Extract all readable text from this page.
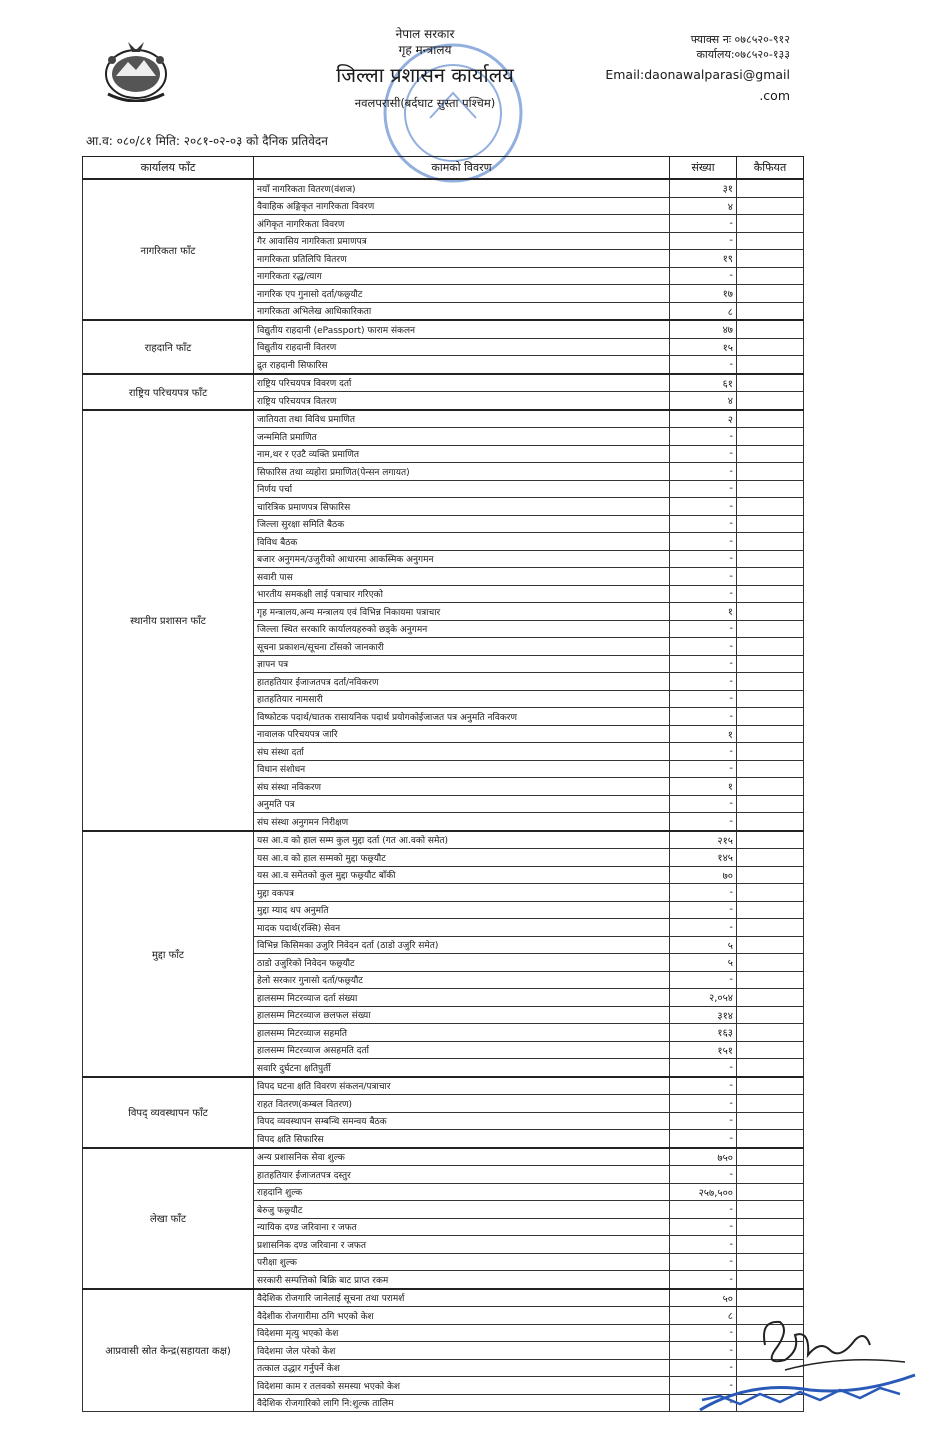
नेपाल सरकार
गृह मन्त्रालय
जिल्ला प्रशासन कार्यालय
नवलपरासी(बर्दघाट सुस्ता पश्चिम)
फ्याक्स नः ०७८५२०-९१२
कार्यालय:०७८५२०-१३३
Email:daonawalparasi@gmail
.com
आ.व: ०८०/८१ मिति: २०८१-०२-०३ को दैनिक प्रतिवेदन
कार्यालय फाँट	कामको विवरण	संख्या	कैफियत
नागरिकता फाँट	नयाँ नागरिकता वितरण(वंशज)	३१	
	वैवाहिक अङ्गिकृत नागरिकता विवरण	४	
	अंगिकृत नागरिकता विवरण	-	
	गैर आवासिय नागरिकता प्रमाणपत्र	-	
	नागरिकता प्रतिलिपि वितरण	१९	
	नागरिकता रद्ध/त्याग	-	
	नागरिक एप गुनासो दर्ता/फछ्र्यौट	१७	
	नागरिकता अभिलेख आधिकारिकता	८	
राहदानि फाँट	विद्युतीय राहदानी (ePassport) फाराम संकलन	४७	
	विद्युतीय राहदानी वितरण	१५	
	द्रुत राहदानी सिफारिस	-	
राष्ट्रिय परिचयपत्र फाँट	राष्ट्रिय परिचयपत्र विवरण दर्ता	६१	
	राष्ट्रिय परिचयपत्र वितरण	४	
स्थानीय प्रशासन फाँट	जातियता तथा विविध प्रमाणित	२	
	जन्ममिति प्रमाणित	-	
	नाम,थर र एउटै व्यक्ति प्रमाणित	-	
	सिफारिस तथा व्यहोरा प्रमाणित(पेन्सन लगायत)	-	
	निर्णय पर्चा	-	
	चारित्रिक प्रमाणपत्र सिफारिस	-	
	जिल्ला सुरक्षा समिति बैठक	-	
	विविध बैठक	-	
	बजार अनुगमन/उजुरीको आधारमा आकस्मिक अनुगमन	-	
	सवारी पास	-	
	भारतीय समकक्षी लाई पत्राचार गरिएको	-	
	गृह मन्त्रालय,अन्य मन्त्रालय एवं विभिन्न निकायमा पत्राचार	१	
	जिल्ला स्थित सरकारि कार्यालयहरुको छड्के अनुगमन	-	
	सूचना प्रकाशन/सूचना टाँसको जानकारी	-	
	ज्ञापन पत्र	-	
	हातहतियार ईजाजतपत्र दर्ता/नविकरण	-	
	हातहतियार नामसारी	-	
	विष्फोटक पदार्थ/घातक रासायनिक पदार्थ प्रयोगकोईजाजत पत्र अनुमति नविकरण	-	
	नावालक परिचयपत्र जारि	१	
	संघ संस्था दर्ता	-	
	विधान संशोधन	-	
	संघ संस्था नविकरण	१	
	अनुमति पत्र	-	
	संघ संस्था अनुगमन निरीक्षण	-	
मुद्दा फाँट	यस आ.व को हाल सम्म कुल मुद्दा दर्ता (गत आ.वको समेत)	२१५	
	यस आ.व को हाल सम्मको मुद्दा फछ्र्यौट	१४५	
	यस आ.व समेतको कुल मुद्दा फछ्र्यौट बाँकी	७०	
	मुद्दा वकपत्र	-	
	मुद्दा म्याद थप अनुमति	-	
	मादक पदार्थ(रक्सि) सेवन	-	
	विभिन्न किसिमका उजुरि निवेदन दर्ता (ठाडो उजुरि समेत)	५	
	ठाडो उजुरिको निवेदन फछ्र्यौट	५	
	हेलो सरकार गुनासो दर्ता/फछ्र्यौट	-	
	हालसम्म मिटरव्याज दर्ता संख्या	२,०५४	
	हालसम्म मिटरव्याज छलफल संख्या	३१४	
	हालसम्म मिटरव्याज सहमति	१६३	
	हालसम्म मिटरव्याज असहमति दर्ता	१५१	
	सवारि दुर्घटना क्षतिपुर्ती	-	
विपद् व्यवस्थापन फाँट	विपद घटना क्षति विवरण संकलन/पत्राचार	-	
	राहत वितरण(कम्बल वितरण)	-	
	विपद व्यवस्थापन सम्बन्धि समन्वय बैठक	-	
	विपद क्षति सिफारिस	-	
लेखा फाँट	अन्य प्रशासनिक सेवा शुल्क	७५०	
	हातहतियार ईजाजतपत्र दस्तुर	-	
	राहदानि शुल्क	२५७,५००	
	बेरुजु फछ्र्यौट	-	
	न्यायिक दण्ड जरिवाना र जफत	-	
	प्रशासनिक दण्ड जरिवाना र जफत	-	
	परीक्षा शुल्क	-	
	सरकारी सम्पत्तिको बिक्रि बाट प्राप्त रकम	-	
आप्रवासी स्रोत केन्द्र(सहायता कक्ष)	वैदेशिक रोजगारि जानेलाई सूचना तथा परामर्श	५०	
	वैदेशीक रोजगारीमा ठगि भएको केश	८	
	विदेशमा मृत्यु भएको केश	-	
	विदेशमा जेल परेको केश	-	
	तत्काल उद्धार गर्नुपर्ने केश	-	
	विदेशमा काम र तलवको समस्या भएको केश	-	
	वैदेशिक रोजगारिको लागि नि:शुल्क तालिम	-	
